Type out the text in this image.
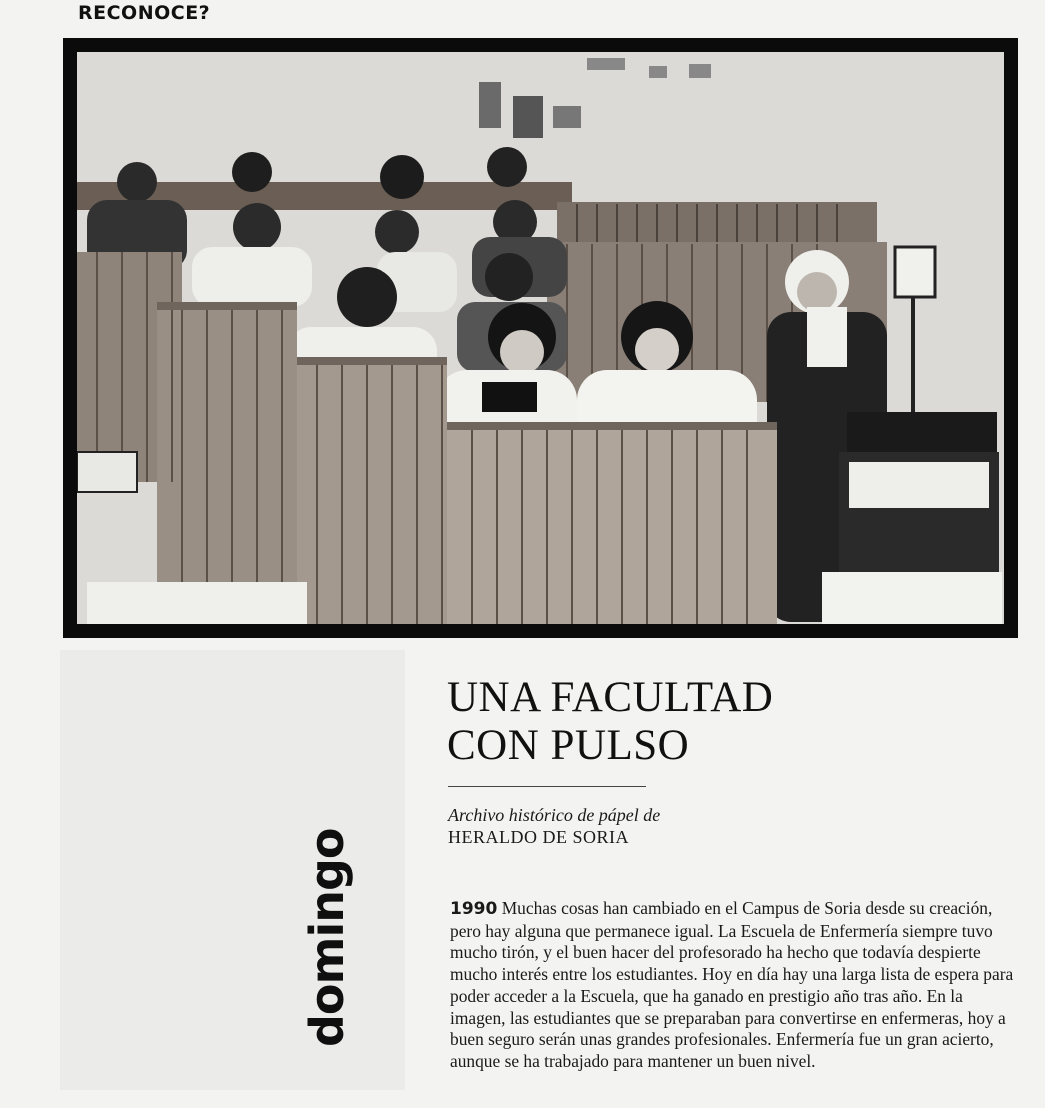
RECONOCE?
domingo
UNA FACULTAD
CON PULSO
Archivo histórico de pápel de
HERALDO DE SORIA

1990 Muchas cosas han cambiado en el Campus de Soria desde su creación, pero hay alguna que permanece igual. La Escuela de Enfermería siempre tuvo mucho tirón, y el buen hacer del profesorado ha hecho que todavía despierte mucho interés entre los estudiantes. Hoy en día hay una larga lista de espera para poder acceder a la Escuela, que ha ganado en prestigio año tras año. En la imagen, las estudiantes que se preparaban para convertirse en enfermeras, hoy a buen seguro serán unas grandes profesionales. Enfermería fue un gran acierto, aunque se ha trabajado para mantener un buen nivel.
